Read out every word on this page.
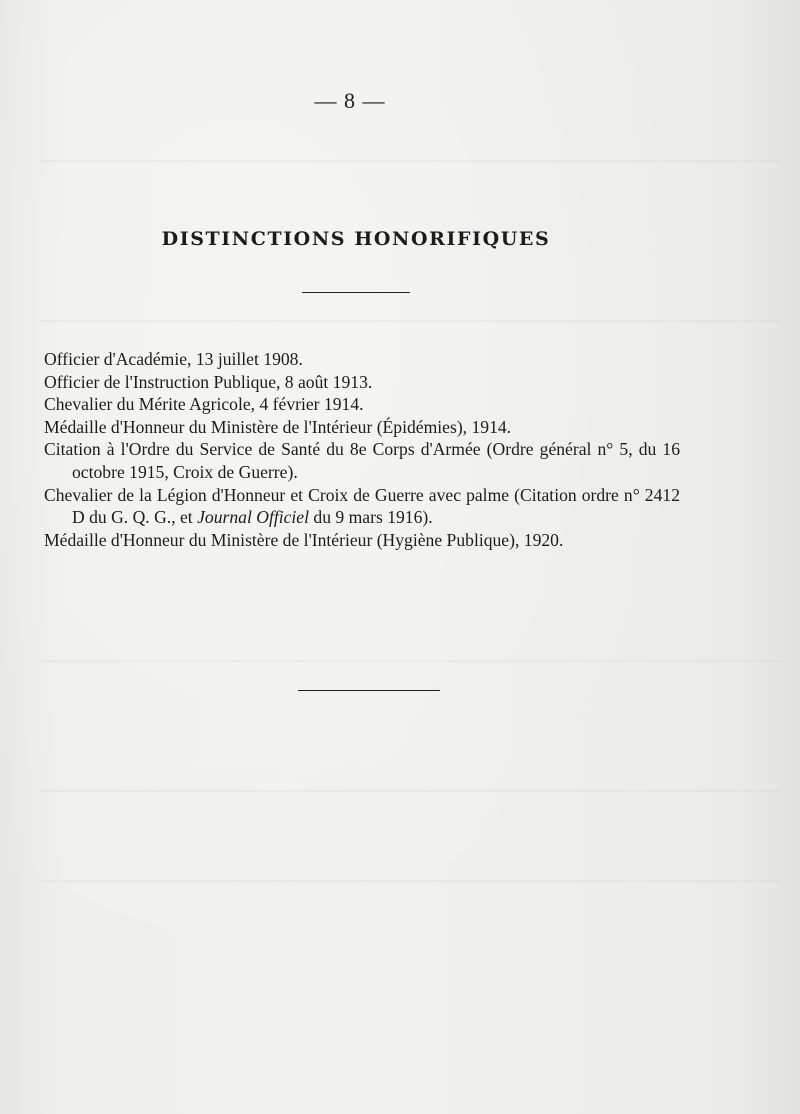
— 8 —
DISTINCTIONS HONORIFIQUES

Officier d'Académie, 13 juillet 1908.

Officier de l'Instruction Publique, 8 août 1913.

Chevalier du Mérite Agricole, 4 février 1914.

Médaille d'Honneur du Ministère de l'Intérieur (Épidémies), 1914.

Citation à l'Ordre du Service de Santé du 8e Corps d'Armée (Ordre général n° 5, du 16 octobre 1915, Croix de Guerre).

Chevalier de la Légion d'Honneur et Croix de Guerre avec palme (Citation ordre n° 2412 D du G. Q. G., et Journal Officiel du 9 mars 1916).

Médaille d'Honneur du Ministère de l'Intérieur (Hygiène Publique), 1920.
